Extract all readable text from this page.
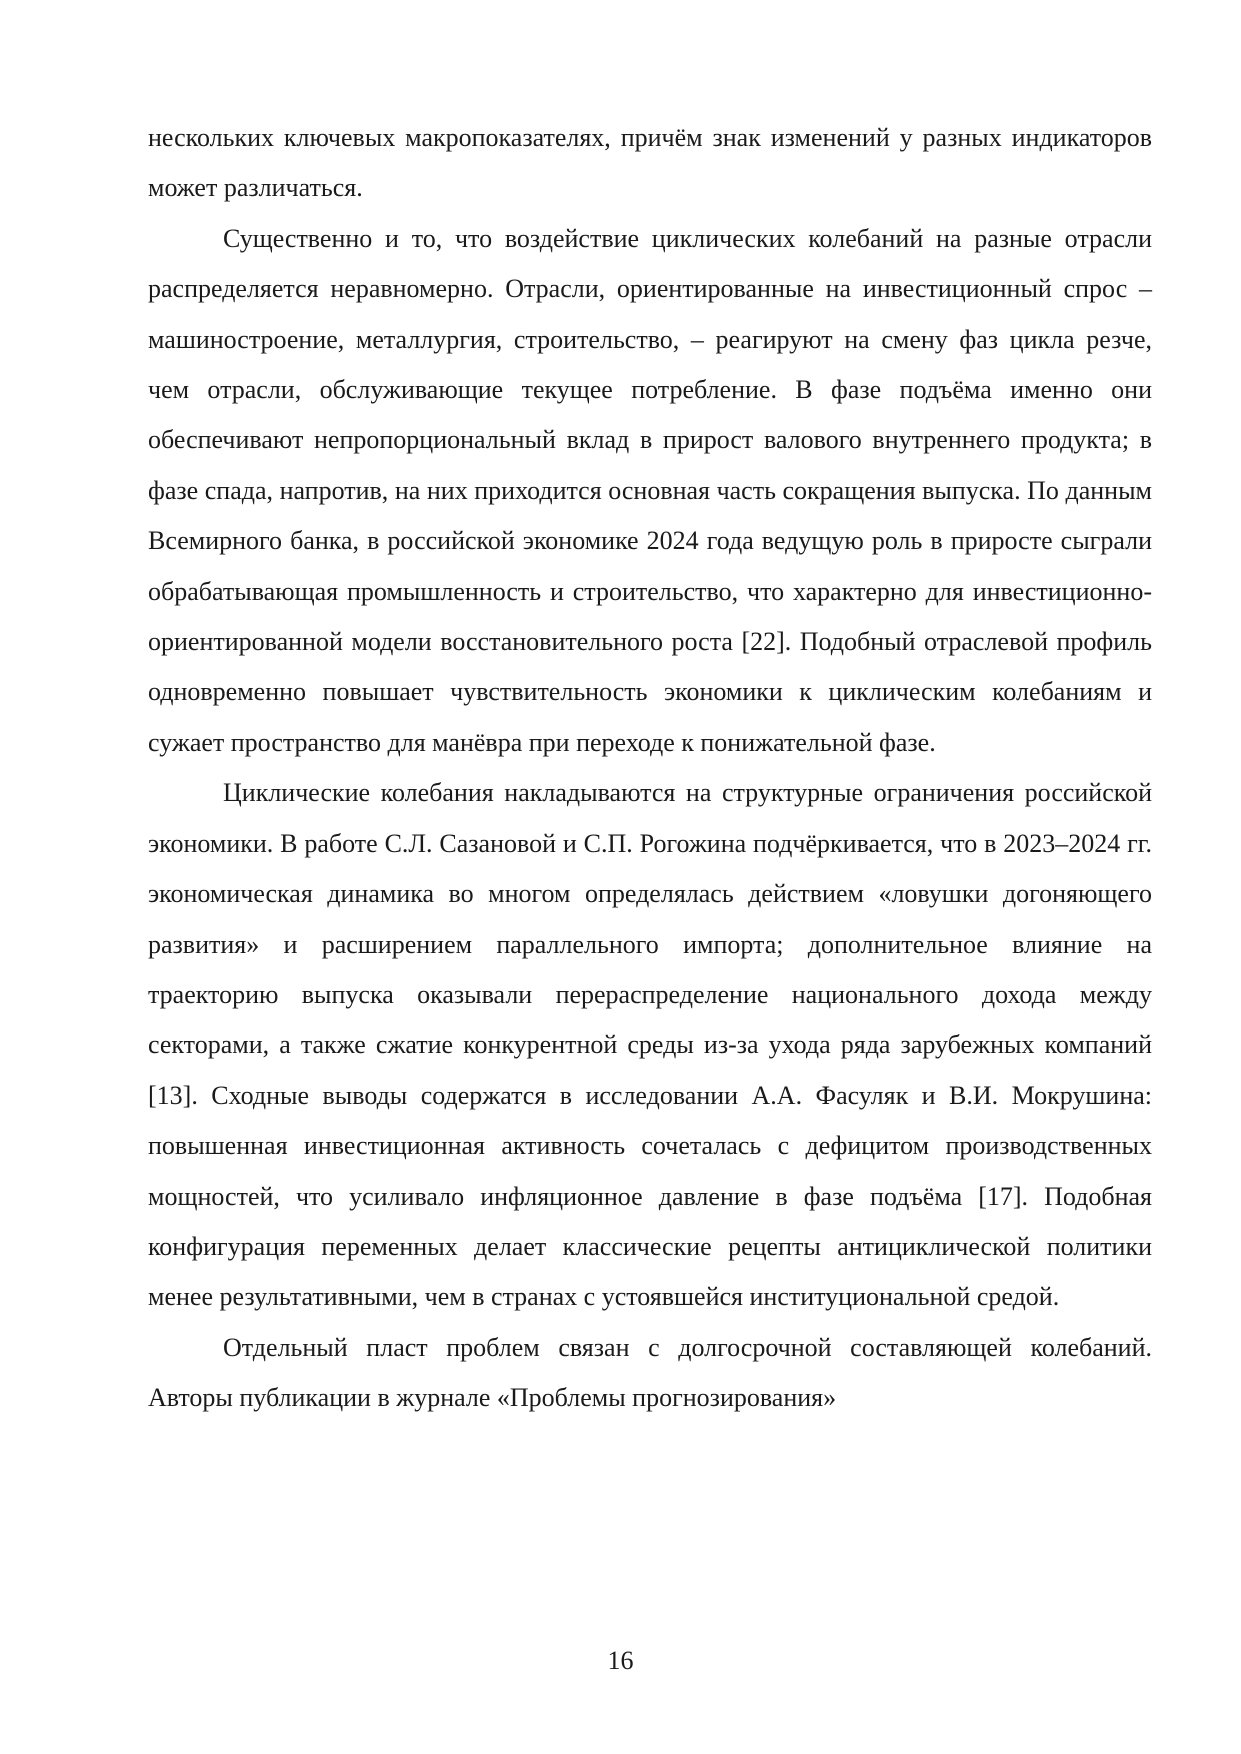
нескольких ключевых макропоказателях, причём знак изменений у разных индикаторов может различаться.

Существенно и то, что воздействие циклических колебаний на разные отрасли распределяется неравномерно. Отрасли, ориентированные на инвестиционный спрос – машиностроение, металлургия, строительство, – реагируют на смену фаз цикла резче, чем отрасли, обслуживающие текущее потребление. В фазе подъёма именно они обеспечивают непропорциональный вклад в прирост валового внутреннего продукта; в фазе спада, напротив, на них приходится основная часть сокращения выпуска. По данным Всемирного банка, в российской экономике 2024 года ведущую роль в приросте сыграли обрабатывающая промышленность и строительство, что характерно для инвестиционно-ориентированной модели восстановительного роста [22]. Подобный отраслевой профиль одновременно повышает чувствительность экономики к циклическим колебаниям и сужает пространство для манёвра при переходе к понижательной фазе.

Циклические колебания накладываются на структурные ограничения российской экономики. В работе С.Л. Сазановой и С.П. Рогожина подчёркивается, что в 2023–2024 гг. экономическая динамика во многом определялась действием «ловушки догоняющего развития» и расширением параллельного импорта; дополнительное влияние на траекторию выпуска оказывали перераспределение национального дохода между секторами, а также сжатие конкурентной среды из-за ухода ряда зарубежных компаний [13]. Сходные выводы содержатся в исследовании А.А. Фасуляк и В.И. Мокрушина: повышенная инвестиционная активность сочеталась с дефицитом производственных мощностей, что усиливало инфляционное давление в фазе подъёма [17]. Подобная конфигурация переменных делает классические рецепты антициклической политики менее результативными, чем в странах с устоявшейся институциональной средой.

Отдельный пласт проблем связан с долгосрочной составляющей колебаний. Авторы публикации в журнале «Проблемы прогнозирования»

16
